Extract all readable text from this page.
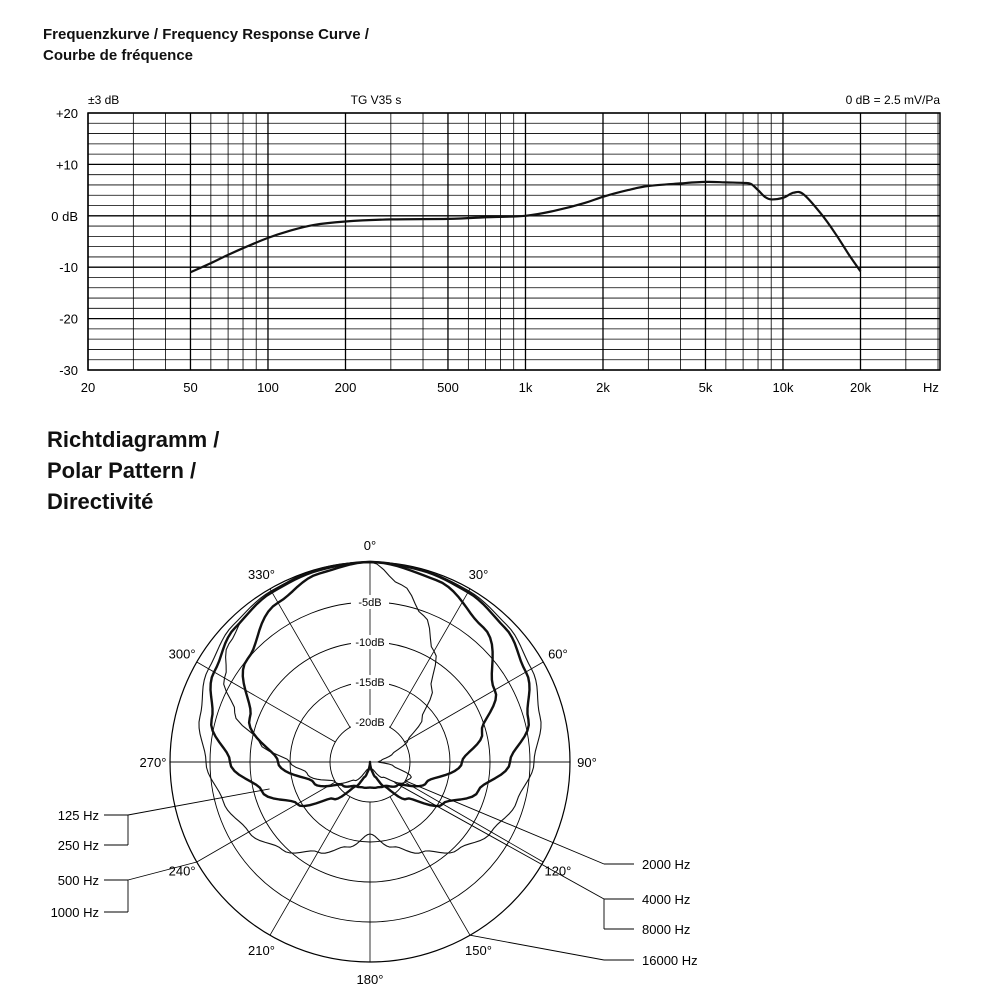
Frequenzkurve / Frequency Response Curve /
Courbe de fréquence
±3 dB	TG V35 s	0 dB = 2.5 mV/Pa
+20
+10
0 dB
-10
-20
-30
20	50	100	200	500	1k	2k	5k	10k	20k	Hz
Richtdiagramm /
Polar Pattern /
Directivité
-5dB
-10dB
-15dB
-20dB
0°
30°
60°
90°
120°
150°
180°
210°
240°
270°
300°
330°
125 Hz
250 Hz
500 Hz
1000 Hz
2000 Hz
4000 Hz
8000 Hz
16000 Hz
